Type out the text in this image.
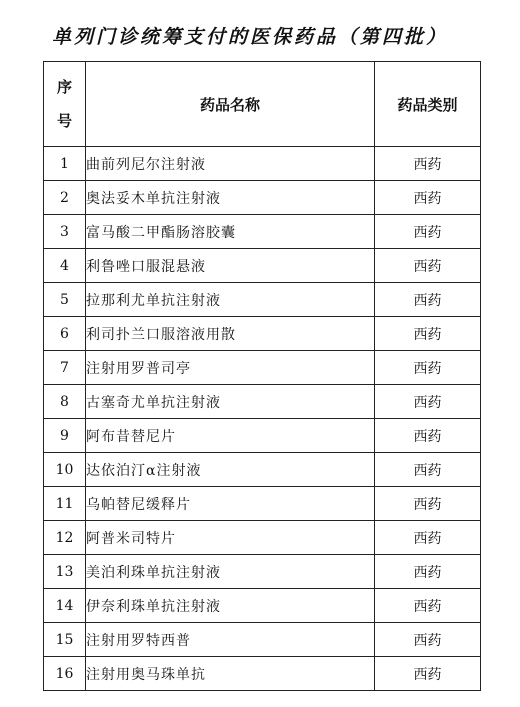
单列门诊统筹支付的医保药品（第四批）
序号	药品名称	药品类别
1	曲前列尼尔注射液	西药
2	奥法妥木单抗注射液	西药
3	富马酸二甲酯肠溶胶囊	西药
4	利鲁唑口服混悬液	西药
5	拉那利尤单抗注射液	西药
6	利司扑兰口服溶液用散	西药
7	注射用罗普司亭	西药
8	古塞奇尤单抗注射液	西药
9	阿布昔替尼片	西药
10	达依泊汀α注射液	西药
11	乌帕替尼缓释片	西药
12	阿普米司特片	西药
13	美泊利珠单抗注射液	西药
14	伊奈利珠单抗注射液	西药
15	注射用罗特西普	西药
16	注射用奥马珠单抗	西药
